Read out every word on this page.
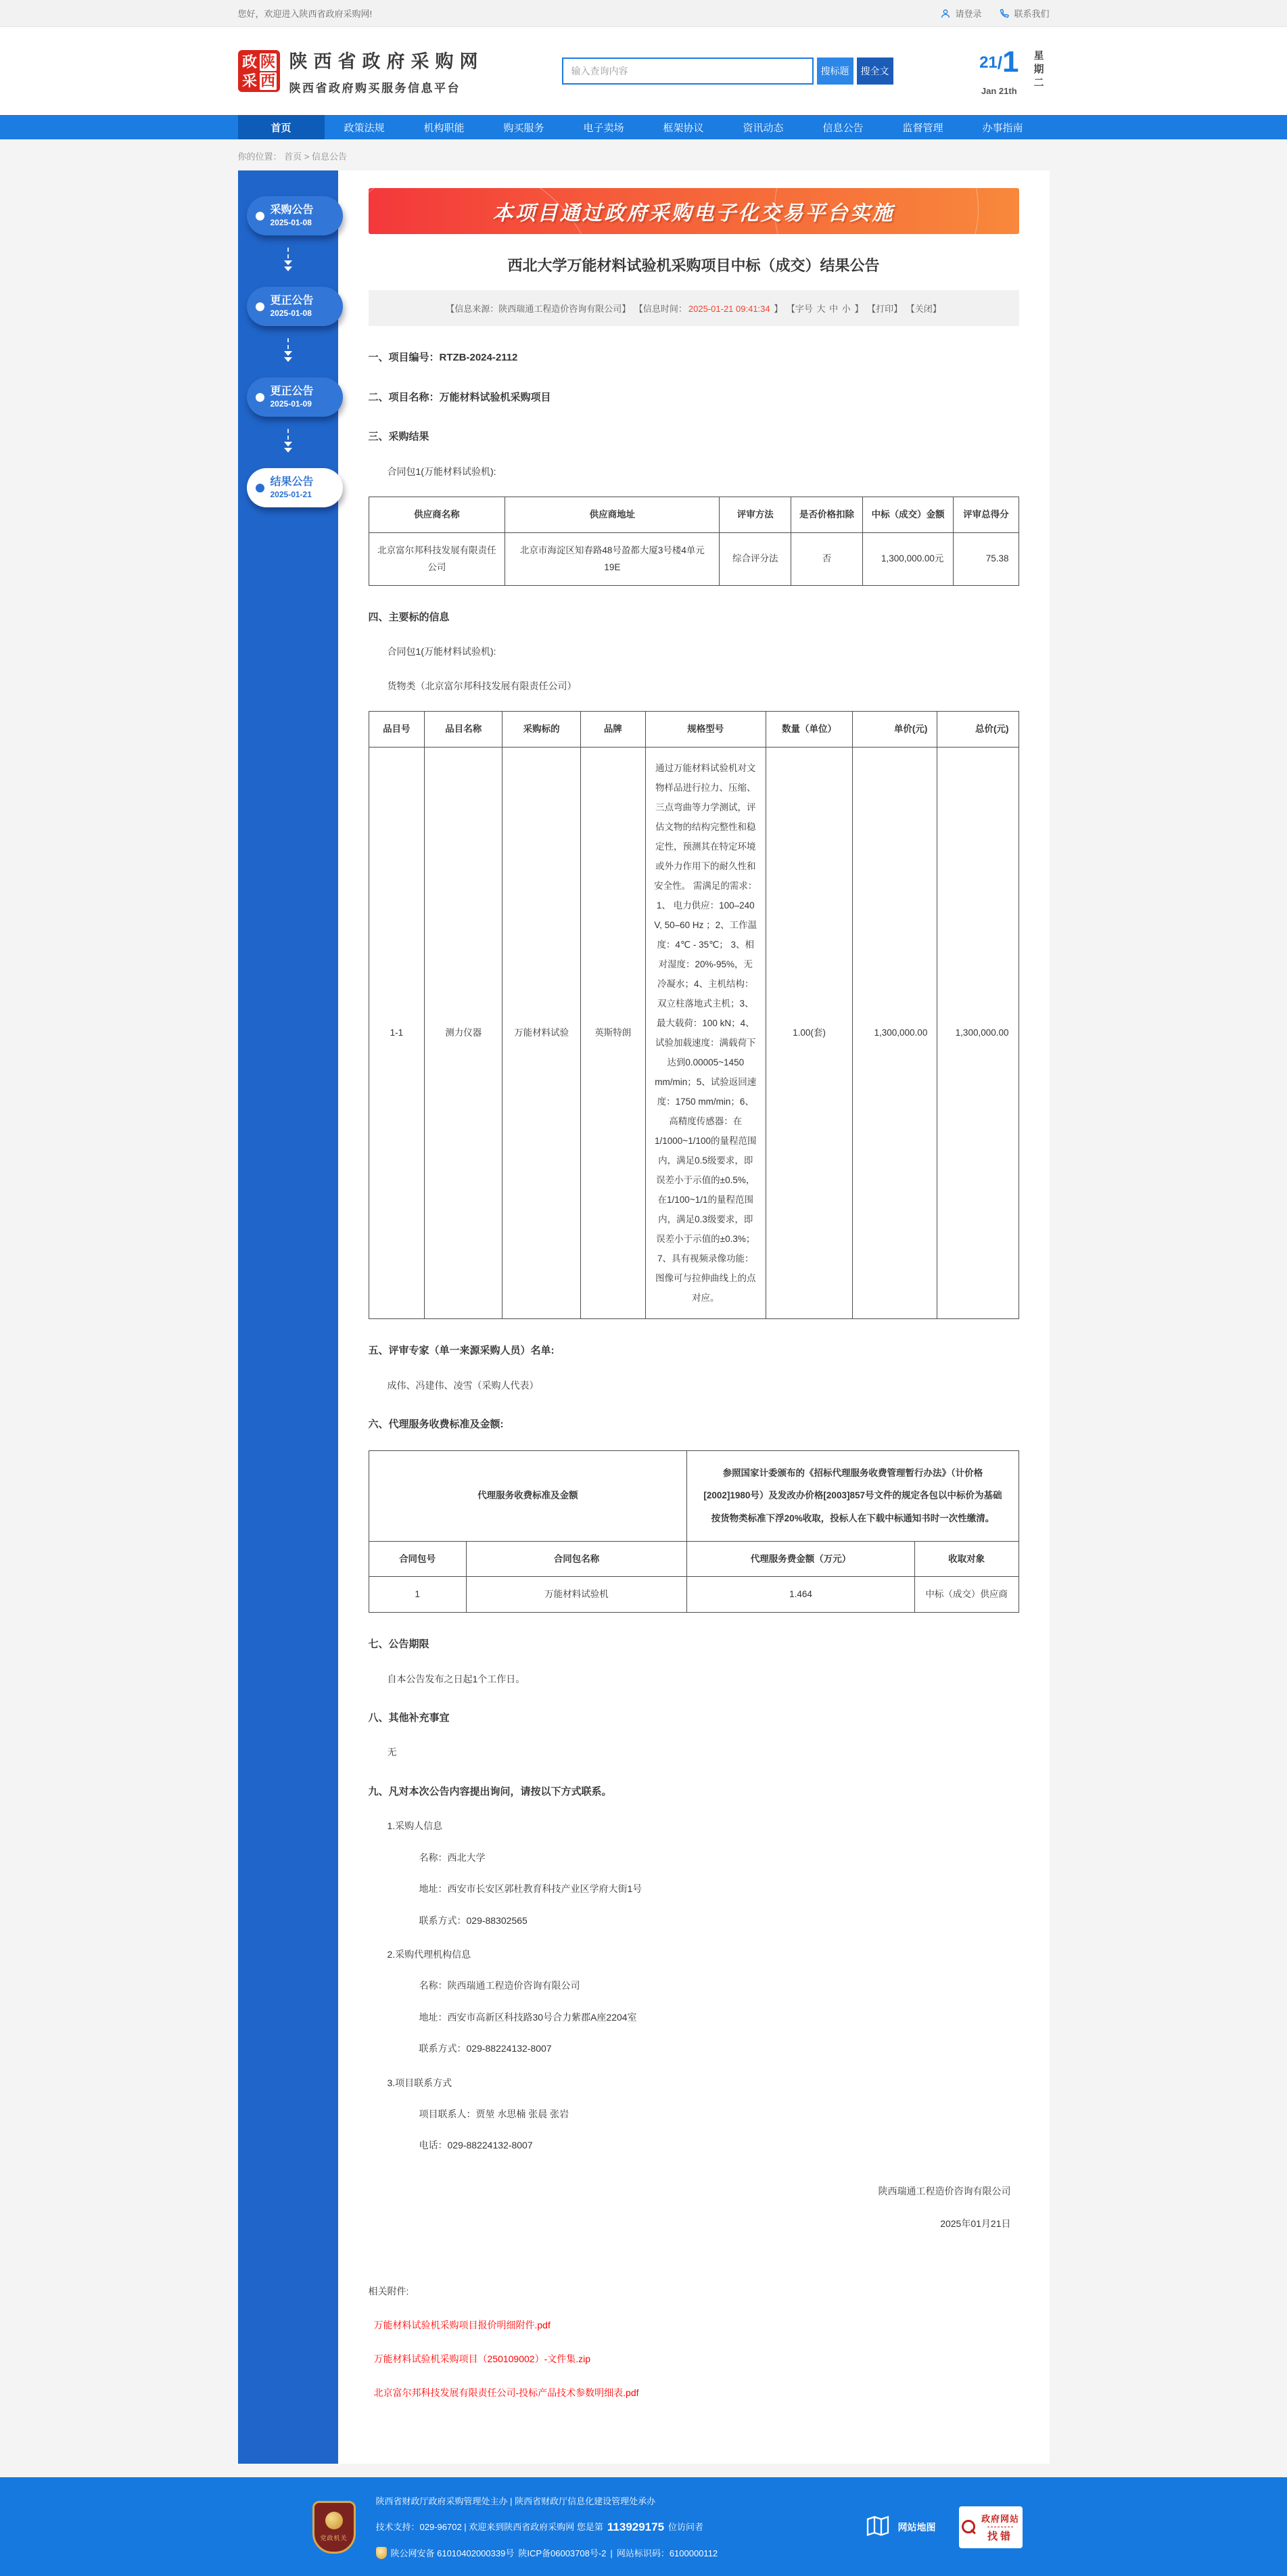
您好，欢迎进入陕西省政府采购网!	请登录	联系我们
政 陕
采 西
陕西省政府采购网
陕西省政府购买服务信息平台
输入查询内容
搜标题	搜全文	21/1
Jan 21th
星
期
二
首页	政策法规	机构职能	购买服务	电子卖场	框架协议	资讯动态	信息公告	监督管理	办事指南
你的位置： 首页 > 信息公告
采购公告
2025-01-08
更正公告
2025-01-08
更正公告
2025-01-09
结果公告
2025-01-21
本项目通过政府采购电子化交易平台实施
西北大学万能材料试验机采购项目中标（成交）结果公告
【信息来源：陕西瑞通工程造价咨询有限公司】 【信息时间： 2025-01-21 09:41:34 】 【字号 大 中 小 】 【打印】 【关闭】
一、项目编号：RTZB-2024-2112
二、项目名称：万能材料试验机采购项目
三、采购结果
合同包1(万能材料试验机):
供应商名称	供应商地址	评审方法	是否价格扣除	中标（成交）金额	评审总得分
北京富尔邦科技发展有限责任公司	北京市海淀区知春路48号盈都大厦3号楼4单元19E	综合评分法	否	1,300,000.00元	75.38
四、主要标的信息
合同包1(万能材料试验机):
货物类（北京富尔邦科技发展有限责任公司）
品目号	品目名称	采购标的	品牌	规格型号	数量（单位）	单价(元)	总价(元)
1-1	测力仪器	万能材料试验	英斯特朗	通过万能材料试验机对文物样品进行拉力、压缩、三点弯曲等力学测试，评估文物的结构完整性和稳定性，预测其在特定环境或外力作用下的耐久性和安全性。 需满足的需求：1、 电力供应：100–240 V, 50–60 Hz ；2、工作温度：4℃ - 35℃； 3、相对湿度：20%-95%，无冷凝水；4、主机结构：双立柱落地式主机；3、最大载荷：100 kN；4、试验加载速度：满载荷下达到0.00005~1450 mm/min；5、试验返回速度：1750 mm/min；6、高精度传感器：在1/1000~1/100的量程范围内，满足0.5级要求，即误差小于示值的±0.5%，在1/100~1/1的量程范围内，满足0.3级要求，即误差小于示值的±0.3%；7、具有视频录像功能：图像可与拉伸曲线上的点对应。	1.00(套)	1,300,000.00	1,300,000.00
五、评审专家（单一来源采购人员）名单:
成伟、冯建伟、凌雪（采购人代表）
六、代理服务收费标准及金额:
代理服务收费标准及金额		参照国家计委颁布的《招标代理服务收费管理暂行办法》（计价格[2002]1980号）及发改办价格[2003]857号文件的规定各包以中标价为基础按货物类标准下浮20%收取，投标人在下载中标通知书时一次性缴清。	
合同包号	合同包名称	代理服务费金额（万元）	收取对象
1	万能材料试验机	1.464	中标（成交）供应商
七、公告期限
自本公告发布之日起1个工作日。
八、其他补充事宜
无
九、凡对本次公告内容提出询问，请按以下方式联系。
1.采购人信息
名称：西北大学
地址：西安市长安区郭杜教育科技产业区学府大街1号
联系方式：029-88302565
2.采购代理机构信息
名称：陕西瑞通工程造价咨询有限公司
地址：西安市高新区科技路30号合力紫郡A座2204室
联系方式：029-88224132-8007
3.项目联系方式
项目联系人：贾堃 水思楠 张晨 张岩
电话：029-88224132-8007
陕西瑞通工程造价咨询有限公司
2025年01月21日
相关附件:
万能材料试验机采购项目报价明细附件.pdf
万能材料试验机采购项目（250109002）-文件集.zip
北京富尔邦科技发展有限责任公司-投标产品技术参数明细表.pdf
党政机关
陕西省财政厅政府采购管理处主办 | 陕西省财政厅信息化建设管理处承办
技术支持：029-96702 | 欢迎来到陕西省政府采购网 您是第 113929175 位访问者
陕公网安备 61010402000339号 陕ICP备06003708号-2 | 网站标识码：6100000112
网站地图
政府网站
找错
